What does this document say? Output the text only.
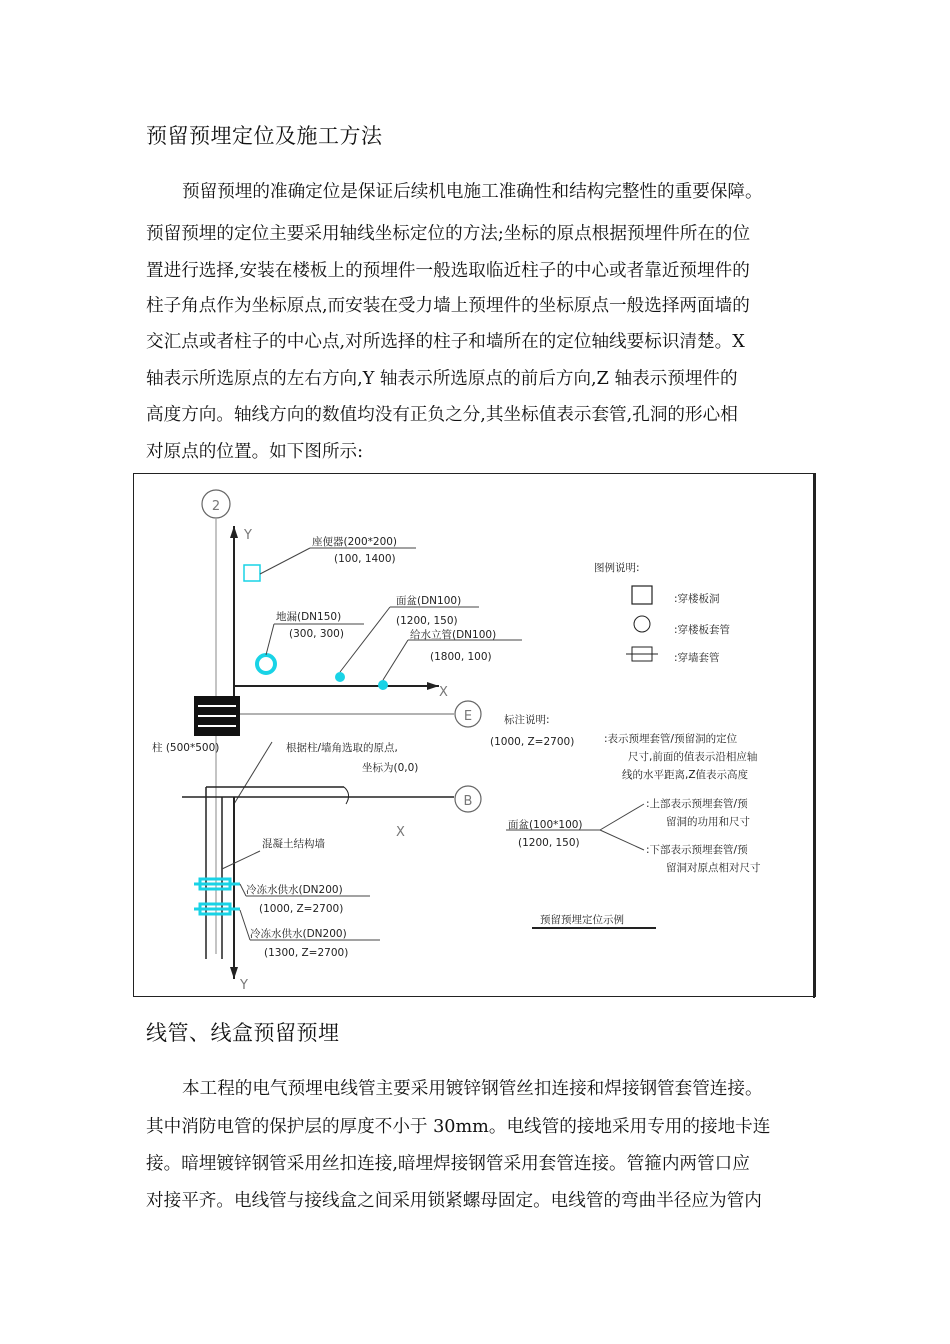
预留预埋定位及施工方法
预留预埋的准确定位是保证后续机电施工准确性和结构完整性的重要保障。
预留预埋的定位主要采用轴线坐标定位的方法;坐标的原点根据预埋件所在的位
置进行选择,安装在楼板上的预埋件一般选取临近柱子的中心或者靠近预埋件的
柱子角点作为坐标原点,而安装在受力墙上预埋件的坐标原点一般选择两面墙的
交汇点或者柱子的中心点,对所选择的柱子和墙所在的定位轴线要标识清楚。X
轴表示所选原点的左右方向,Y 轴表示所选原点的前后方向,Z 轴表示预埋件的
高度方向。轴线方向的数值均没有正负之分,其坐标值表示套管,孔洞的形心相
对原点的位置。如下图所示:
2
Y
X
柱 (500*500)
E
根据柱/墙角选取的原点,
坐标为(0,0)
B
X
Y
混凝土结构墙
座便器(200*200)
(100, 1400)
地漏(DN150)
(300, 300)
面盆(DN100)
(1200, 150)
给水立管(DN100)
(1800, 100)
冷冻水供水(DN200)
(1000, Z=2700)
冷冻水供水(DN200)
(1300, Z=2700)
图例说明:
:穿楼板洞
:穿楼板套管
:穿墙套管
标注说明:
(1000, Z=2700)	:表示预埋套管/预留洞的定位
尺寸,前面的值表示沿相应轴
线的水平距离,Z值表示高度
面盆(100*100)
(1200, 150)
:上部表示预埋套管/预
留洞的功用和尺寸
:下部表示预埋套管/预
留洞对原点相对尺寸
预留预埋定位示例
线管、线盒预留预埋
本工程的电气预埋电线管主要采用镀锌钢管丝扣连接和焊接钢管套管连接。
其中消防电管的保护层的厚度不小于 30mm。电线管的接地采用专用的接地卡连
接。暗埋镀锌钢管采用丝扣连接,暗埋焊接钢管采用套管连接。管箍内两管口应
对接平齐。电线管与接线盒之间采用锁紧螺母固定。电线管的弯曲半径应为管内
